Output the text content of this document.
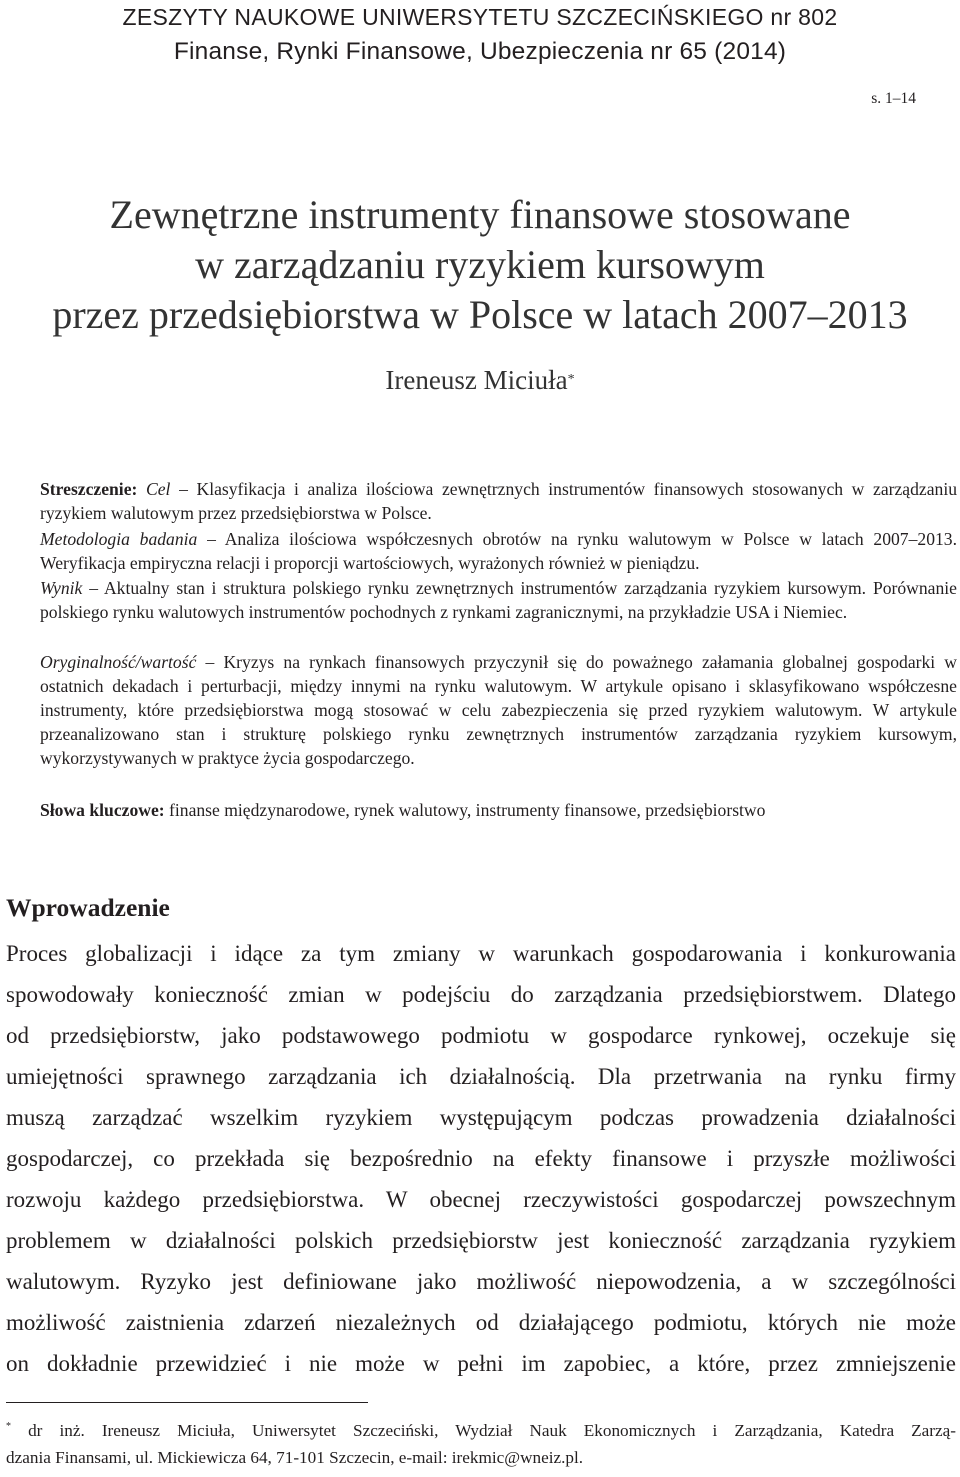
ZESZYTY NAUKOWE UNIWERSYTETU SZCZECIŃSKIEGO nr 802
Finanse, Rynki Finansowe, Ubezpieczenia nr 65 (2014)
s. 1–14
Zewnętrzne instrumenty finansowe stosowane
w zarządzaniu ryzykiem kursowym
przez przedsiębiorstwa w Polsce w latach 2007–2013
Ireneusz Miciuła*

Streszczenie: Cel – Klasyfikacja i analiza ilościowa zewnętrznych instrumentów finansowych stosowanych w zarządzaniu ryzykiem walutowym przez przedsiębiorstwa w Polsce.

Metodologia badania – Analiza ilościowa współczesnych obrotów na rynku walutowym w Polsce w latach 2007–2013. Weryfikacja empiryczna relacji i proporcji wartościowych, wyrażonych również w pieniądzu.

Wynik – Aktualny stan i struktura polskiego rynku zewnętrznych instrumentów zarządzania ryzykiem kursowym. Porównanie polskiego rynku walutowych instrumentów pochodnych z rynkami zagranicznymi, na przykładzie USA i Niemiec.

Oryginalność/wartość – Kryzys na rynkach finansowych przyczynił się do poważnego załamania globalnej gospodarki w ostatnich dekadach i perturbacji, między innymi na rynku walutowym. W artykule opisano i sklasyfikowano współczesne instrumenty, które przedsiębiorstwa mogą stosować w celu zabezpieczenia się przed ryzykiem walutowym. W artykule przeanalizowano stan i strukturę polskiego rynku zewnętrznych instrumentów zarządzania ryzykiem kursowym, wykorzystywanych w praktyce życia gospodarczego.

Słowa kluczowe: finanse międzynarodowe, rynek walutowy, instrumenty finansowe, przedsiębiorstwo

Wprowadzenie
Proces globalizacji i idące za tym zmiany w warunkach gospodarowania i konkurowania
spowodowały konieczność zmian w podejściu do zarządzania przedsiębiorstwem. Dlatego
od przedsiębiorstw, jako podstawowego podmiotu w gospodarce rynkowej, oczekuje się
umiejętności sprawnego zarządzania ich działalnością. Dla przetrwania na rynku firmy
muszą zarządzać wszelkim ryzykiem występującym podczas prowadzenia działalności
gospodarczej, co przekłada się bezpośrednio na efekty finansowe i przyszłe możliwości
rozwoju każdego przedsiębiorstwa. W obecnej rzeczywistości gospodarczej powszechnym
problemem w działalności polskich przedsiębiorstw jest konieczność zarządzania ryzykiem
walutowym. Ryzyko jest definiowane jako możliwość niepowodzenia, a w szczególności
możliwość zaistnienia zdarzeń niezależnych od działającego podmiotu, których nie może
on dokładnie przewidzieć i nie może w pełni im zapobiec, a które, przez zmniejszenie
* dr inż. Ireneusz Miciuła, Uniwersytet Szczeciński, Wydział Nauk Ekonomicznych i Zarządzania, Katedra Zarzą-
dzania Finansami, ul. Mickiewicza 64, 71-101 Szczecin, e-mail: irekmic@wneiz.pl.
